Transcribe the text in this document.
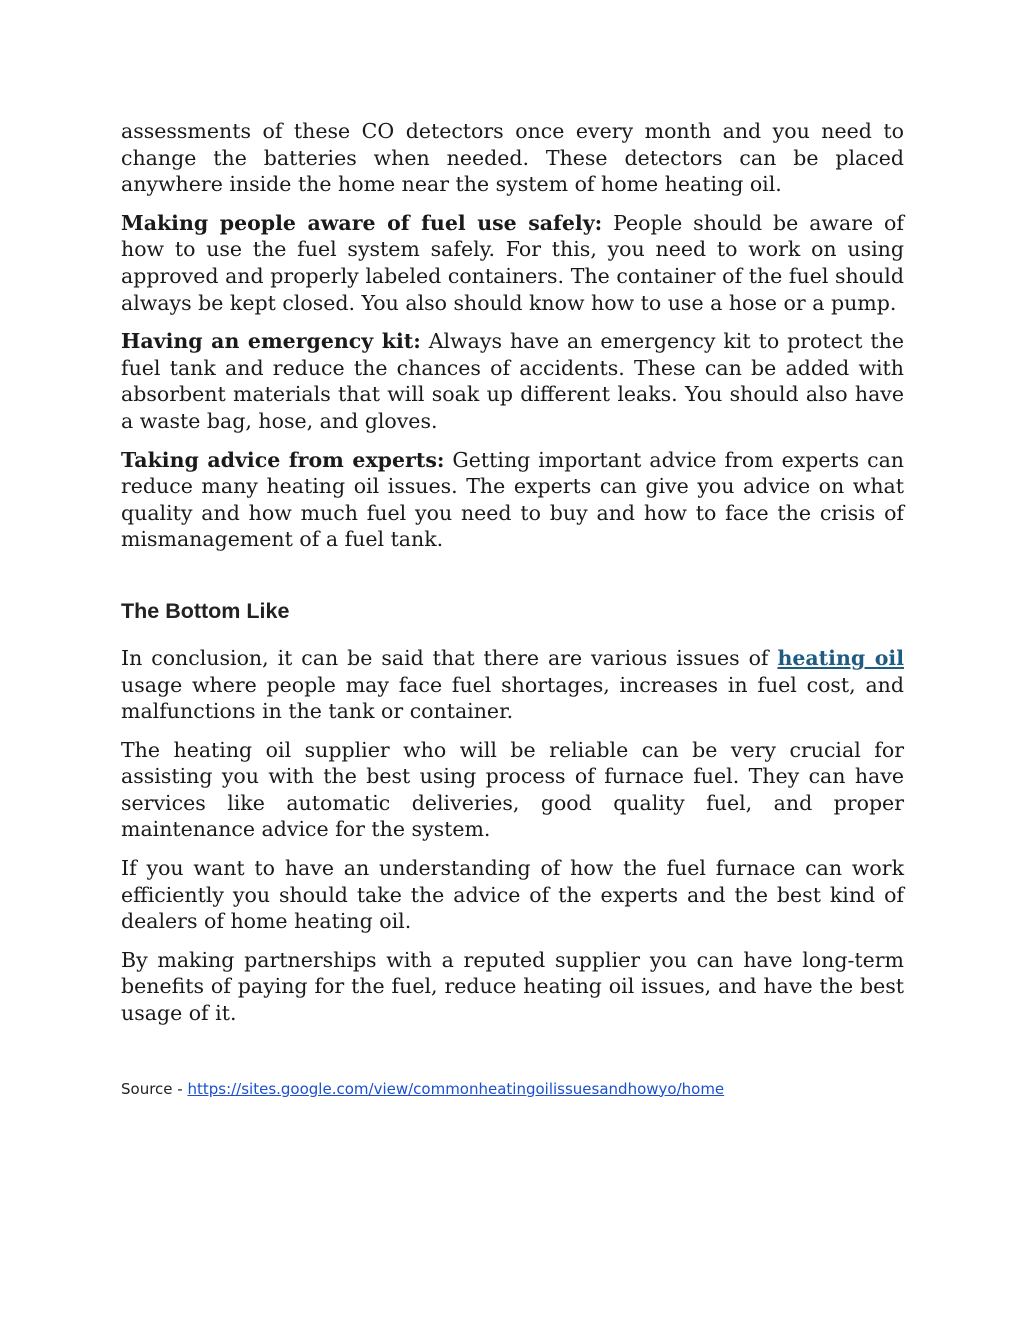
assessments of these CO detectors once every month and you need to change the batteries when needed. These detectors can be placed anywhere inside the home near the system of home heating oil.

Making people aware of fuel use safely: People should be aware of how to use the fuel system safely. For this, you need to work on using approved and properly labeled containers. The container of the fuel should always be kept closed. You also should know how to use a hose or a pump.

Having an emergency kit: Always have an emergency kit to protect the fuel tank and reduce the chances of accidents. These can be added with absorbent materials that will soak up different leaks. You should also have a waste bag, hose, and gloves.

Taking advice from experts: Getting important advice from experts can reduce many heating oil issues. The experts can give you advice on what quality and how much fuel you need to buy and how to face the crisis of mismanagement of a fuel tank.

The Bottom Like

In conclusion, it can be said that there are various issues of heating oil usage where people may face fuel shortages, increases in fuel cost, and malfunctions in the tank or container.

The heating oil supplier who will be reliable can be very crucial for assisting you with the best using process of furnace fuel. They can have services like automatic deliveries, good quality fuel, and proper maintenance advice for the system.

If you want to have an understanding of how the fuel furnace can work efficiently you should take the advice of the experts and the best kind of dealers of home heating oil.

By making partnerships with a reputed supplier you can have long-term benefits of paying for the fuel, reduce heating oil issues, and have the best usage of it.

Source - https://sites.google.com/view/commonheatingoilissuesandhowyo/home
